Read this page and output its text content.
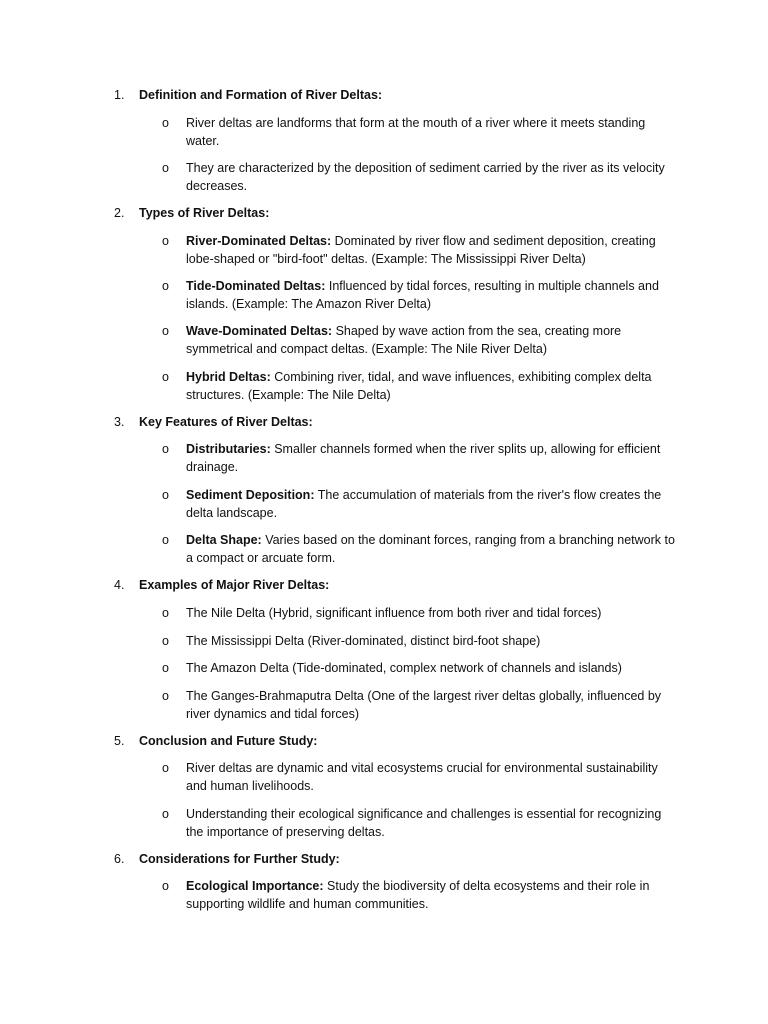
1. Definition and Formation of River Deltas:
o River deltas are landforms that form at the mouth of a river where it meets standing water.
o They are characterized by the deposition of sediment carried by the river as its velocity decreases.
2. Types of River Deltas:
o River-Dominated Deltas: Dominated by river flow and sediment deposition, creating lobe-shaped or "bird-foot" deltas. (Example: The Mississippi River Delta)
o Tide-Dominated Deltas: Influenced by tidal forces, resulting in multiple channels and islands. (Example: The Amazon River Delta)
o Wave-Dominated Deltas: Shaped by wave action from the sea, creating more symmetrical and compact deltas. (Example: The Nile River Delta)
o Hybrid Deltas: Combining river, tidal, and wave influences, exhibiting complex delta structures. (Example: The Nile Delta)
3. Key Features of River Deltas:
o Distributaries: Smaller channels formed when the river splits up, allowing for efficient drainage.
o Sediment Deposition: The accumulation of materials from the river's flow creates the delta landscape.
o Delta Shape: Varies based on the dominant forces, ranging from a branching network to a compact or arcuate form.
4. Examples of Major River Deltas:
o The Nile Delta (Hybrid, significant influence from both river and tidal forces)
o The Mississippi Delta (River-dominated, distinct bird-foot shape)
o The Amazon Delta (Tide-dominated, complex network of channels and islands)
o The Ganges-Brahmaputra Delta (One of the largest river deltas globally, influenced by river dynamics and tidal forces)
5. Conclusion and Future Study:
o River deltas are dynamic and vital ecosystems crucial for environmental sustainability and human livelihoods.
o Understanding their ecological significance and challenges is essential for recognizing the importance of preserving deltas.
6. Considerations for Further Study:
o Ecological Importance: Study the biodiversity of delta ecosystems and their role in supporting wildlife and human communities.
